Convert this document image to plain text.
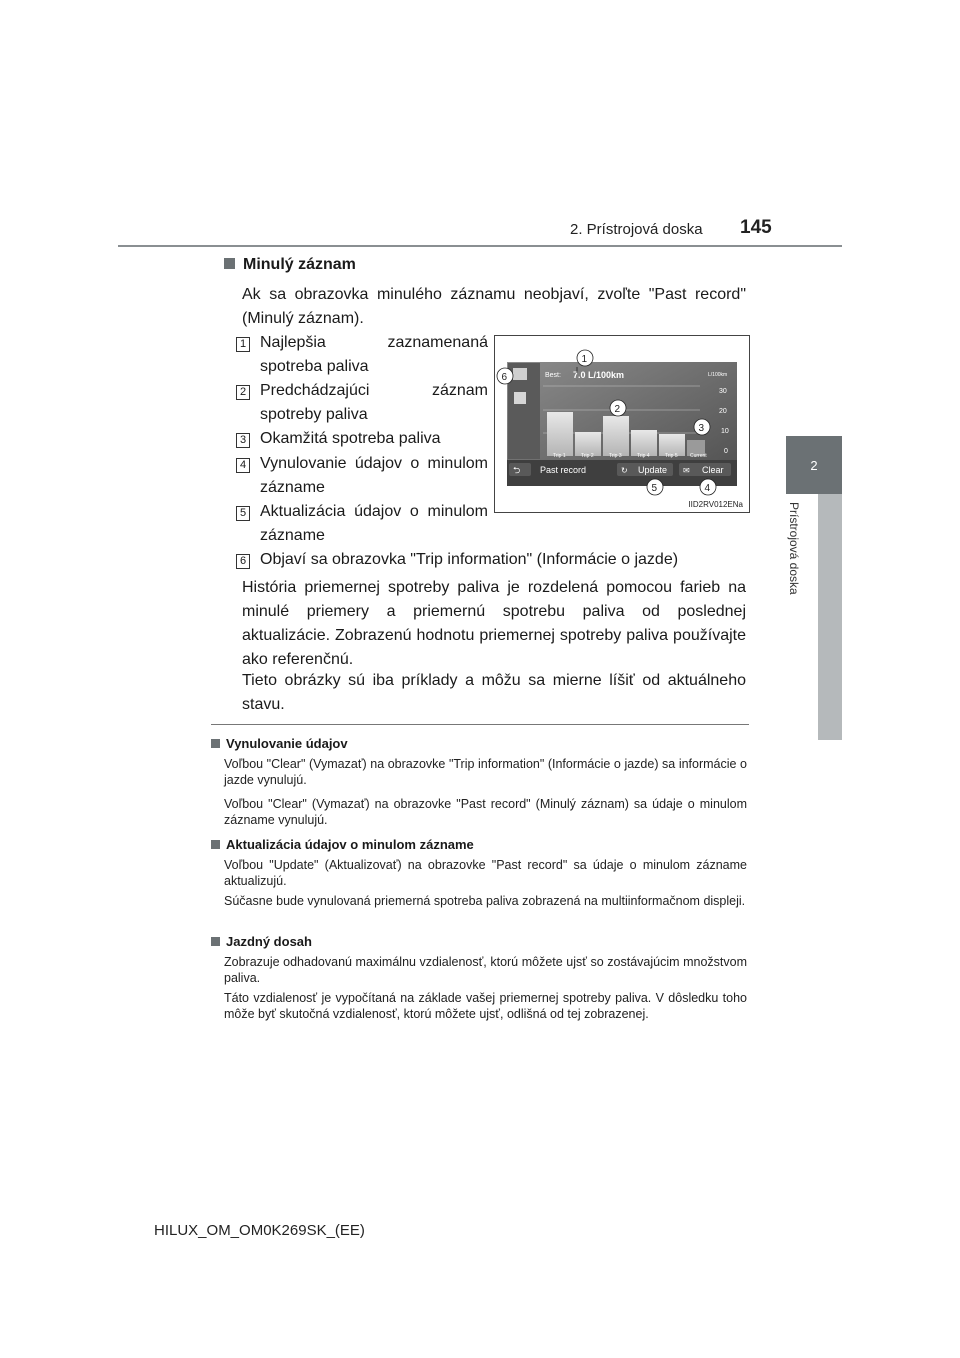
2. Prístrojová doska 145
2
Prístrojová doska
Minulý záznam
Ak sa obrazovka minulého záznamu neobjaví, zvoľte "Past record" (Minulý záznam).
1 Najlepšia zaznamenaná spotreba paliva
2 Predchádzajúci záznam spotreby paliva
3 Okamžitá spotreba paliva
4 Vynulovanie údajov o minulom zázname
5 Aktualizácia údajov o minulom zázname
6 Objaví sa obrazovka "Trip information" (Informácie o jazde)
Best: 7.0 L/100km	L/100km
30
20
10
0
Trip 1	Trip 2	Trip 3	Trip 4	Trip 5 Current
⮌ Past record	↻ Update ✉ Clear
1
2
3
4
5
6
IID2RV012ENa
História priemernej spotreby paliva je rozdelená pomocou farieb na minulé priemery a priemernú spotrebu paliva od poslednej aktualizácie. Zobrazenú hodnotu priemernej spotreby paliva používajte ako referenčnú.
Tieto obrázky sú iba príklady a môžu sa mierne líšiť od aktuálneho stavu.
Vynulovanie údajov
Voľbou "Clear" (Vymazať) na obrazovke "Trip information" (Informácie o jazde) sa informácie o jazde vynulujú.
Voľbou "Clear" (Vymazať) na obrazovke "Past record" (Minulý záznam) sa údaje o minulom zázname vynulujú.
Aktualizácia údajov o minulom zázname
Voľbou "Update" (Aktualizovať) na obrazovke "Past record" sa údaje o minulom zázname aktualizujú.
Súčasne bude vynulovaná priemerná spotreba paliva zobrazená na multiinformačnom displeji.
Jazdný dosah
Zobrazuje odhadovanú maximálnu vzdialenosť, ktorú môžete ujsť so zostávajúcim množstvom paliva.
Táto vzdialenosť je vypočítaná na základe vašej priemernej spotreby paliva. V dôsledku toho môže byť skutočná vzdialenosť, ktorú môžete ujsť, odlišná od tej zobrazenej.
HILUX_OM_OM0K269SK_(EE)
